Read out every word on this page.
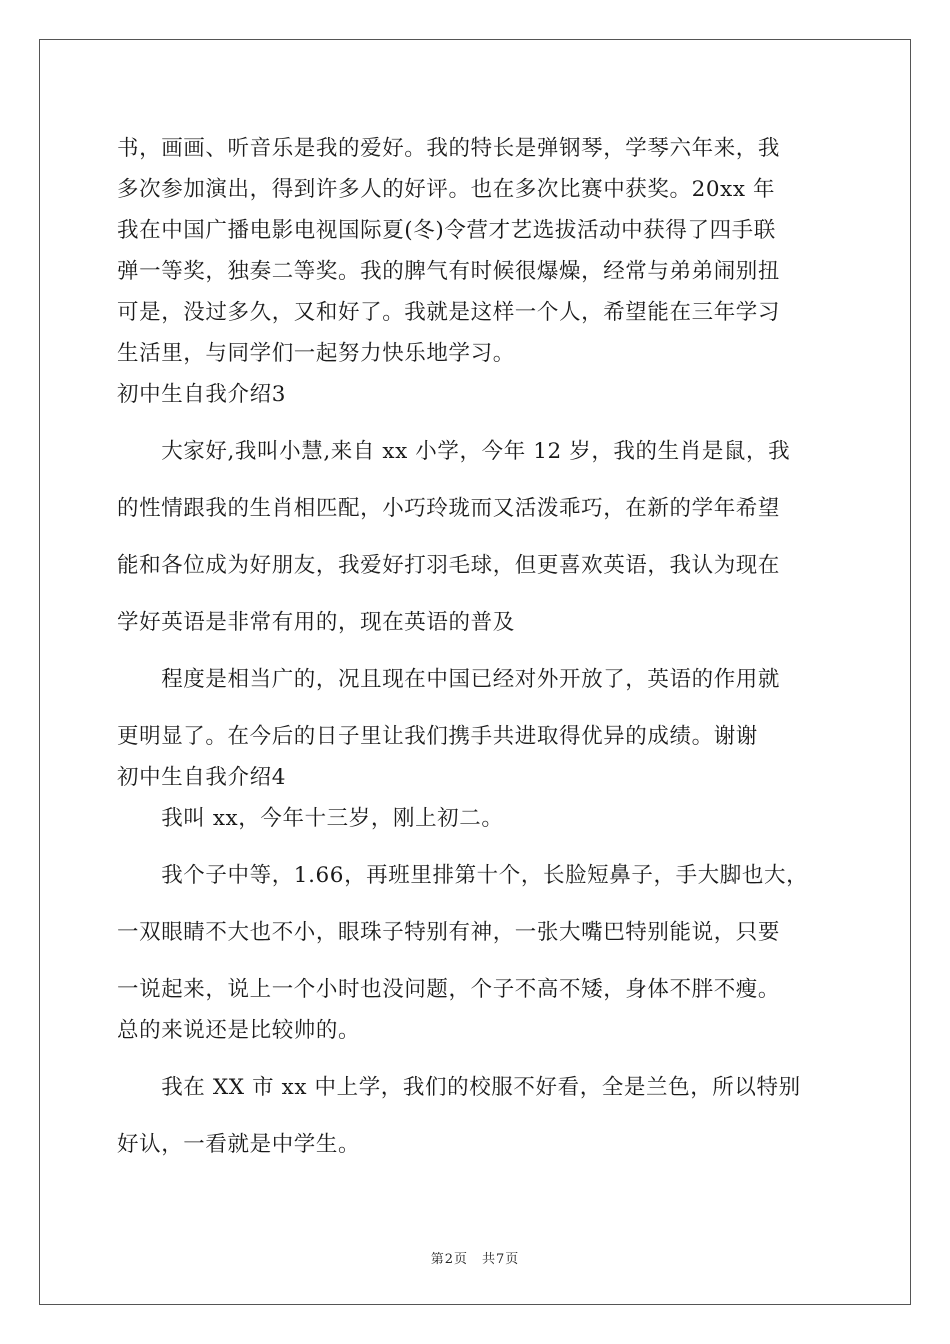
书，画画、听音乐是我的爱好。我的特长是弹钢琴，学琴六年来，我
多次参加演出，得到许多人的好评。也在多次比赛中获奖。20xx 年
我在中国广播电影电视国际夏(冬)令营才艺选拔活动中获得了四手联
弹一等奖，独奏二等奖。我的脾气有时候很爆燥，经常与弟弟闹别扭
可是，没过多久，又和好了。我就是这样一个人，希望能在三年学习
生活里，与同学们一起努力快乐地学习。
初中生自我介绍3
　　大家好,我叫小慧,来自 xx 小学，今年 12 岁，我的生肖是鼠，我
的性情跟我的生肖相匹配，小巧玲珑而又活泼乖巧，在新的学年希望
能和各位成为好朋友，我爱好打羽毛球，但更喜欢英语，我认为现在
学好英语是非常有用的，现在英语的普及
　　程度是相当广的，况且现在中国已经对外开放了，英语的作用就
更明显了。在今后的日子里让我们携手共进取得优异的成绩。谢谢
初中生自我介绍4
　　我叫 xx，今年十三岁，刚上初二。
　　我个子中等，1.66，再班里排第十个，长脸短鼻子，手大脚也大，
一双眼睛不大也不小，眼珠子特别有神，一张大嘴巴特别能说，只要
一说起来，说上一个小时也没问题，个子不高不矮，身体不胖不瘦。
总的来说还是比较帅的。
　　我在 XX 市 xx 中上学，我们的校服不好看，全是兰色，所以特别
好认，一看就是中学生。
第2页　共7页
